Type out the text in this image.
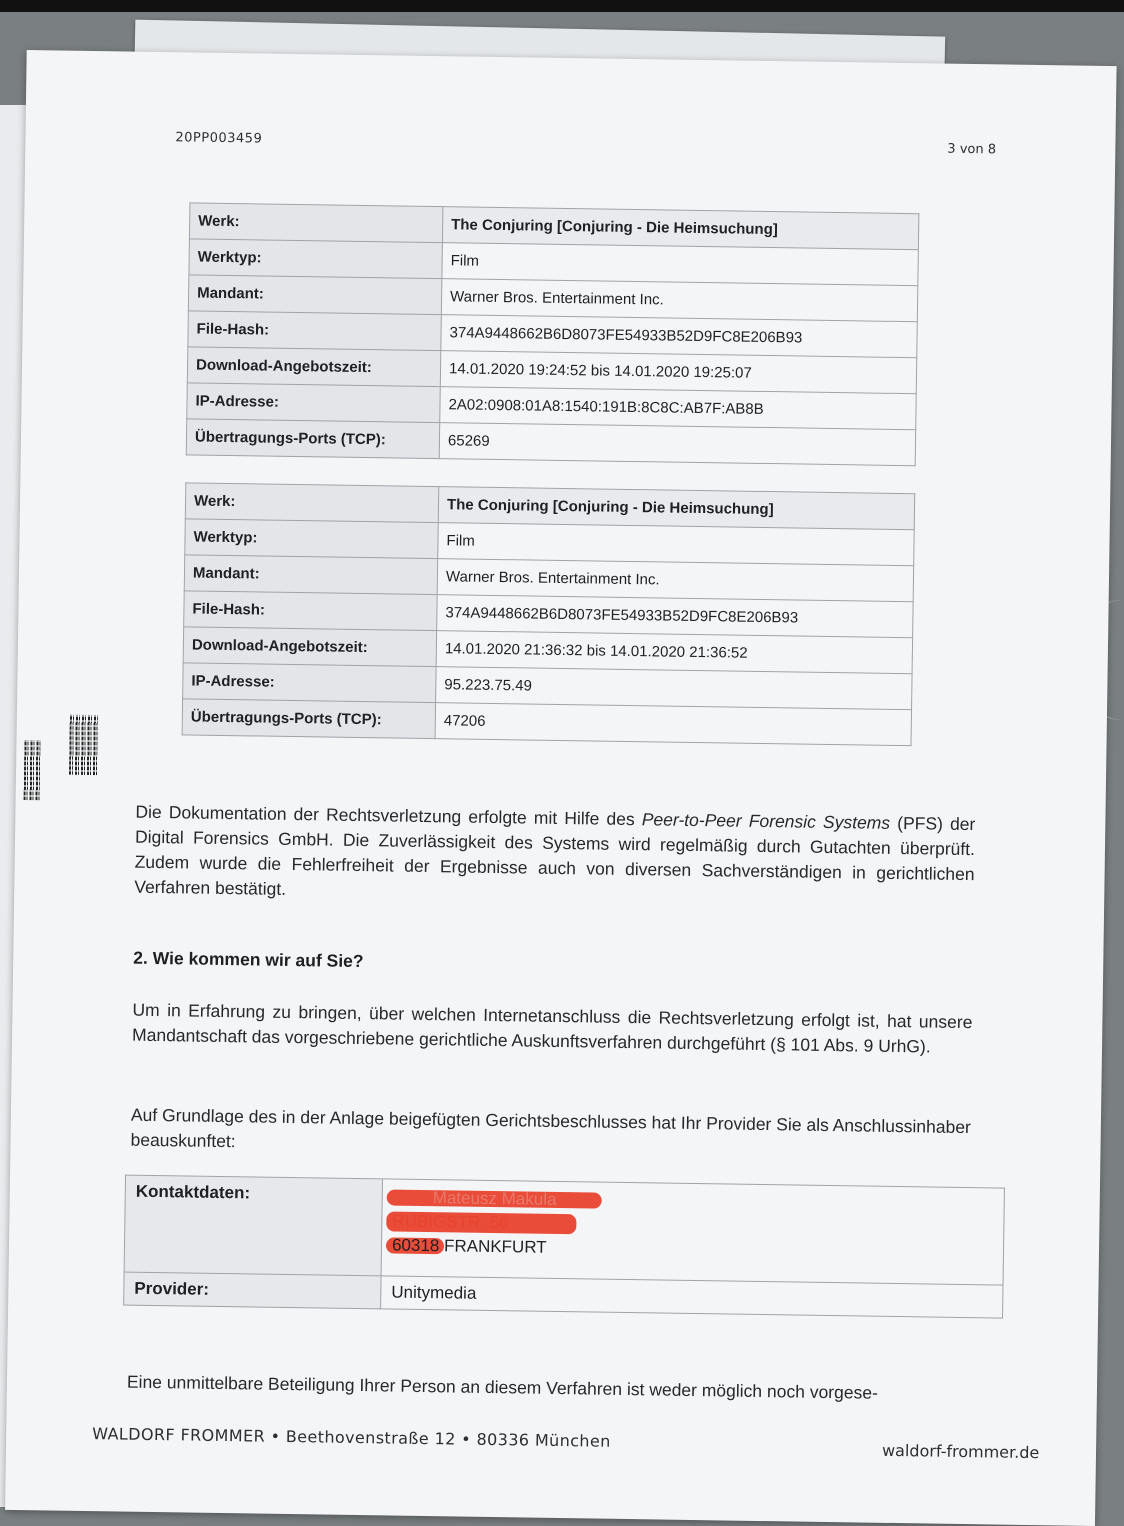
20PP003459
3 von 8
Werk:	The Conjuring [Conjuring - Die Heimsuchung]
Werktyp:	Film
Mandant:	Warner Bros. Entertainment Inc.
File-Hash:	374A9448662B6D8073FE54933B52D9FC8E206B93
Download-Angebotszeit:	14.01.2020 19:24:52 bis 14.01.2020 19:25:07
IP-Adresse:	2A02:0908:01A8:1540:191B:8C8C:AB7F:AB8B
Übertragungs-Ports (TCP):	65269
Werk:	The Conjuring [Conjuring - Die Heimsuchung]
Werktyp:	Film
Mandant:	Warner Bros. Entertainment Inc.
File-Hash:	374A9448662B6D8073FE54933B52D9FC8E206B93
Download-Angebotszeit:	14.01.2020 21:36:32 bis 14.01.2020 21:36:52
IP-Adresse:	95.223.75.49
Übertragungs-Ports (TCP):	47206
Die Dokumentation der Rechtsverletzung erfolgte mit Hilfe des Peer-to-Peer Forensic Systems (PFS) der Digital Forensics GmbH. Die Zuverlässigkeit des Systems wird regelmäßig durch Gutachten überprüft. Zudem wurde die Fehlerfreiheit der Ergebnisse auch von diversen Sachverständigen in gerichtlichen Verfahren bestätigt.
2. Wie kommen wir auf Sie?
Um in Erfahrung zu bringen, über welchen Internetanschluss die Rechtsverletzung erfolgt ist, hat unsere Mandantschaft das vorgeschriebene gerichtliche Auskunftsverfahren durchgeführt (§ 101 Abs. 9 UrhG).
Auf Grundlage des in der Anlage beigefügten Gerichtsbeschlusses hat Ihr Provider Sie als Anschlussinhaber beauskunftet:
Kontaktdaten:	Mateusz Makula
RUBIGSTR. 56
60318 FRANKFURT

Provider:	Unitymedia
Eine unmittelbare Beteiligung Ihrer Person an diesem Verfahren ist weder möglich noch vorgese-
WALDORF FROMMER • Beethovenstraße 12 • 80336 München
waldorf-frommer.de
